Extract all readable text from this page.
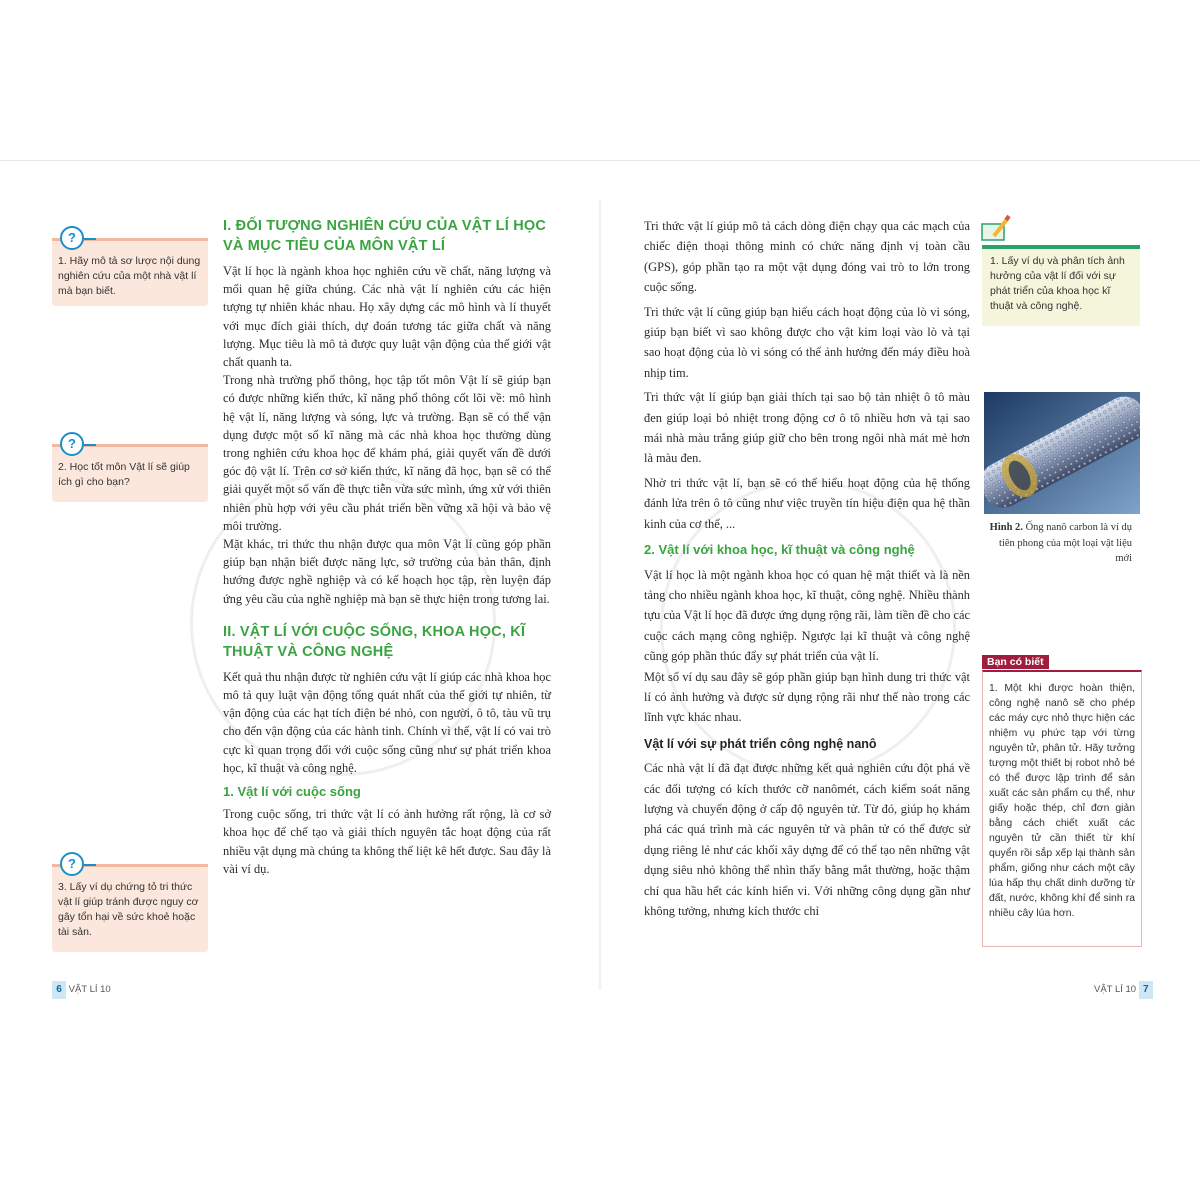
?
1. Hãy mô tả sơ lược nội dung nghiên cứu của một nhà vật lí mà bạn biết.
?
2. Học tốt môn Vật lí sẽ giúp ích gì cho bạn?
?
3. Lấy ví dụ chứng tỏ tri thức vật lí giúp tránh được nguy cơ gây tổn hại về sức khoẻ hoặc tài sản.
I. ĐỐI TƯỢNG NGHIÊN CỨU CỦA VẬT LÍ HỌC VÀ MỤC TIÊU CỦA MÔN VẬT LÍ

Vật lí học là ngành khoa học nghiên cứu về chất, năng lượng và mối quan hệ giữa chúng. Các nhà vật lí nghiên cứu các hiện tượng tự nhiên khác nhau. Họ xây dựng các mô hình và lí thuyết với mục đích giải thích, dự đoán tương tác giữa chất và năng lượng. Mục tiêu là mô tả được quy luật vận động của thế giới vật chất quanh ta.

Trong nhà trường phổ thông, học tập tốt môn Vật lí sẽ giúp bạn có được những kiến thức, kĩ năng phổ thông cốt lõi về: mô hình hệ vật lí, năng lượng và sóng, lực và trường. Bạn sẽ có thể vận dụng được một số kĩ năng mà các nhà khoa học thường dùng trong nghiên cứu khoa học để khám phá, giải quyết vấn đề dưới góc độ vật lí. Trên cơ sở kiến thức, kĩ năng đã học, bạn sẽ có thể giải quyết một số vấn đề thực tiễn vừa sức mình, ứng xử với thiên nhiên phù hợp với yêu cầu phát triển bền vững xã hội và bảo vệ môi trường.

Mặt khác, tri thức thu nhận được qua môn Vật lí cũng góp phần giúp bạn nhận biết được năng lực, sở trường của bản thân, định hướng được nghề nghiệp và có kế hoạch học tập, rèn luyện đáp ứng yêu cầu của nghề nghiệp mà bạn sẽ thực hiện trong tương lai.

II. VẬT LÍ VỚI CUỘC SỐNG, KHOA HỌC, KĨ THUẬT VÀ CÔNG NGHỆ

Kết quả thu nhận được từ nghiên cứu vật lí giúp các nhà khoa học mô tả quy luật vận động tổng quát nhất của thế giới tự nhiên, từ vận động của các hạt tích điện bé nhỏ, con người, ô tô, tàu vũ trụ cho đến vận động của các hành tinh. Chính vì thế, vật lí có vai trò cực kì quan trọng đối với cuộc sống cũng như sự phát triển khoa học, kĩ thuật và công nghệ.

1. Vật lí với cuộc sống

Trong cuộc sống, tri thức vật lí có ảnh hưởng rất rộng, là cơ sở khoa học để chế tạo và giải thích nguyên tắc hoạt động của rất nhiều vật dụng mà chúng ta không thể liệt kê hết được. Sau đây là vài ví dụ.

6 VẬT LÍ 10

Tri thức vật lí giúp mô tả cách dòng điện chạy qua các mạch của chiếc điện thoại thông minh có chức năng định vị toàn cầu (GPS), góp phần tạo ra một vật dụng đóng vai trò to lớn trong cuộc sống.

Tri thức vật lí cũng giúp bạn hiểu cách hoạt động của lò vi sóng, giúp bạn biết vì sao không được cho vật kim loại vào lò và tại sao hoạt động của lò vi sóng có thể ảnh hưởng đến máy điều hoà nhịp tim.

Tri thức vật lí giúp bạn giải thích tại sao bộ tản nhiệt ô tô màu đen giúp loại bỏ nhiệt trong động cơ ô tô nhiều hơn và tại sao mái nhà màu trắng giúp giữ cho bên trong ngôi nhà mát mẻ hơn là màu đen.

Nhờ tri thức vật lí, bạn sẽ có thể hiểu hoạt động của hệ thống đánh lửa trên ô tô cũng như việc truyền tín hiệu điện qua hệ thần kinh của cơ thể, ...

2. Vật lí với khoa học, kĩ thuật và công nghệ

Vật lí học là một ngành khoa học có quan hệ mật thiết và là nền tảng cho nhiều ngành khoa học, kĩ thuật, công nghệ. Nhiều thành tựu của Vật lí học đã được ứng dụng rộng rãi, làm tiền đề cho các cuộc cách mạng công nghiệp. Ngược lại kĩ thuật và công nghệ cũng góp phần thúc đẩy sự phát triển của vật lí.

Một số ví dụ sau đây sẽ góp phần giúp bạn hình dung tri thức vật lí có ảnh hưởng và được sử dụng rộng rãi như thế nào trong các lĩnh vực khác nhau.

Vật lí với sự phát triển công nghệ nanô

Các nhà vật lí đã đạt được những kết quả nghiên cứu đột phá về các đối tượng có kích thước cỡ nanômét, cách kiểm soát năng lượng và chuyển động ở cấp độ nguyên tử. Từ đó, giúp họ khám phá các quá trình mà các nguyên tử và phân tử có thể được sử dụng riêng lẻ như các khối xây dựng để có thể tạo nên những vật dụng siêu nhỏ không thể nhìn thấy bằng mắt thường, hoặc thậm chí qua hầu hết các kính hiển vi. Với những công dụng gần như không tưởng, nhưng kích thước chỉ

1. Lấy ví dụ và phân tích ảnh hưởng của vật lí đối với sự phát triển của khoa học kĩ thuật và công nghệ.
Hình 2. Ống nanô carbon là ví dụ tiên phong của một loại vật liệu mới
Bạn có biết
1. Một khi được hoàn thiện, công nghệ nanô sẽ cho phép các máy cực nhỏ thực hiện các nhiệm vụ phức tạp với từng nguyên tử, phân tử. Hãy tưởng tượng một thiết bị robot nhỏ bé có thể được lập trình để sản xuất các sản phẩm cụ thể, như giấy hoặc thép, chỉ đơn giản bằng cách chiết xuất các nguyên tử cần thiết từ khí quyển rồi sắp xếp lại thành sản phẩm, giống như cách một cây lúa hấp thụ chất dinh dưỡng từ đất, nước, không khí để sinh ra nhiều cây lúa hơn.
VẬT LÍ 10 7
